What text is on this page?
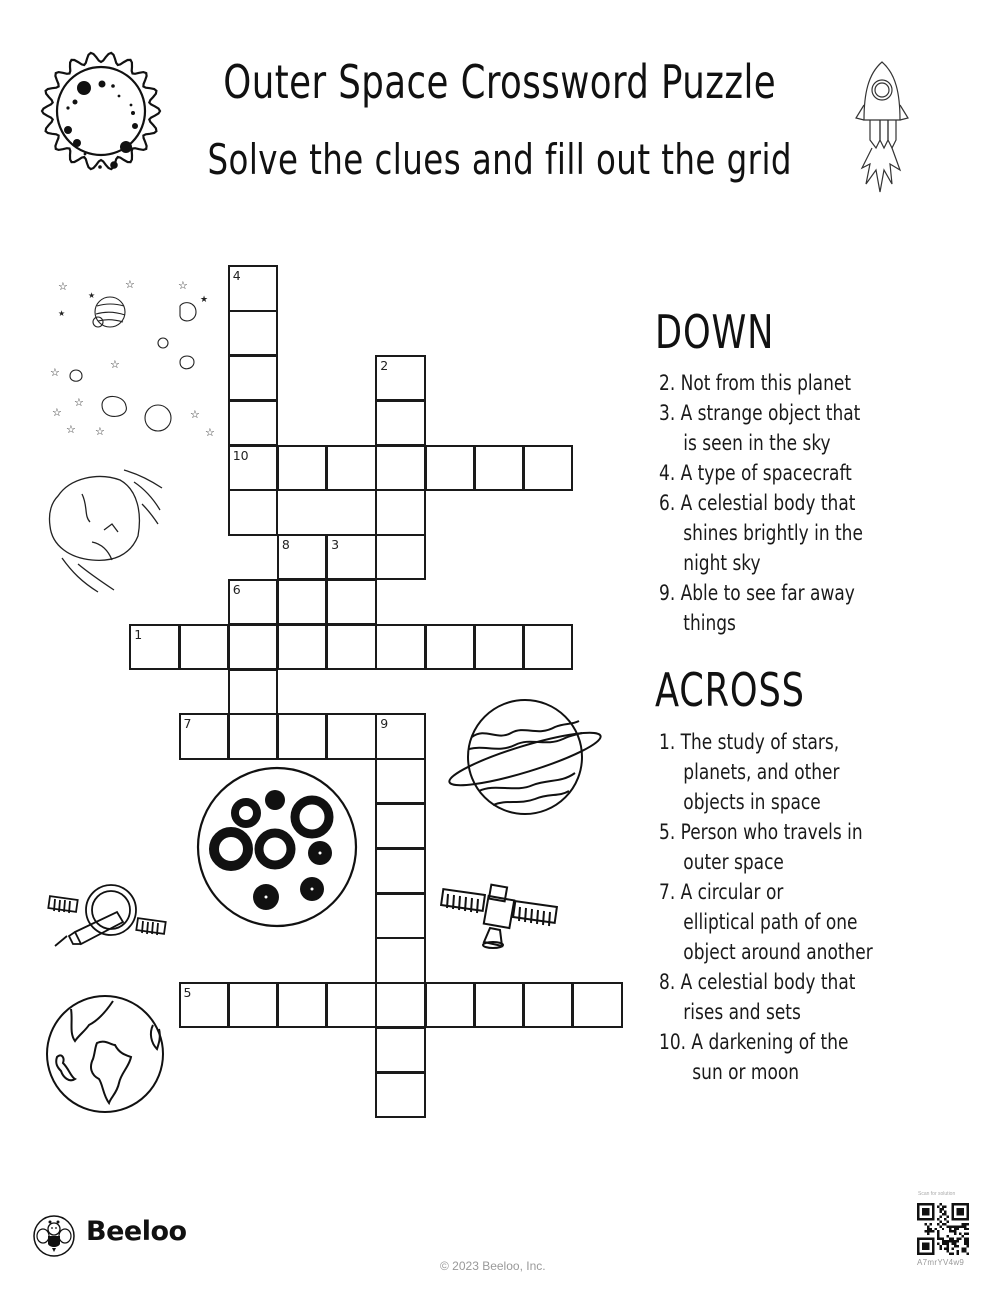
Outer Space Crossword Puzzle
Solve the clues and fill out the grid
☆	☆	☆
★
★
★
☆
☆
☆
☆
☆ ☆
☆
☆
1
5
7	9
10
2
3
4
6
8
DOWN
2. Not from this planet
3. A strange object that
is seen in the sky
4. A type of spacecraft
6. A celestial body that
shines brightly in the
night sky
9. Able to see far away
things
ACROSS
1. The study of stars,
planets, and other
objects in space
5. Person who travels in
outer space
7. A circular or
elliptical path of one
object around another
8. A celestial body that
rises and sets
10. A darkening of the
sun or moon
Beeloo
© 2023 Beeloo, Inc.
Scan for solution
A7mrYV4w9
